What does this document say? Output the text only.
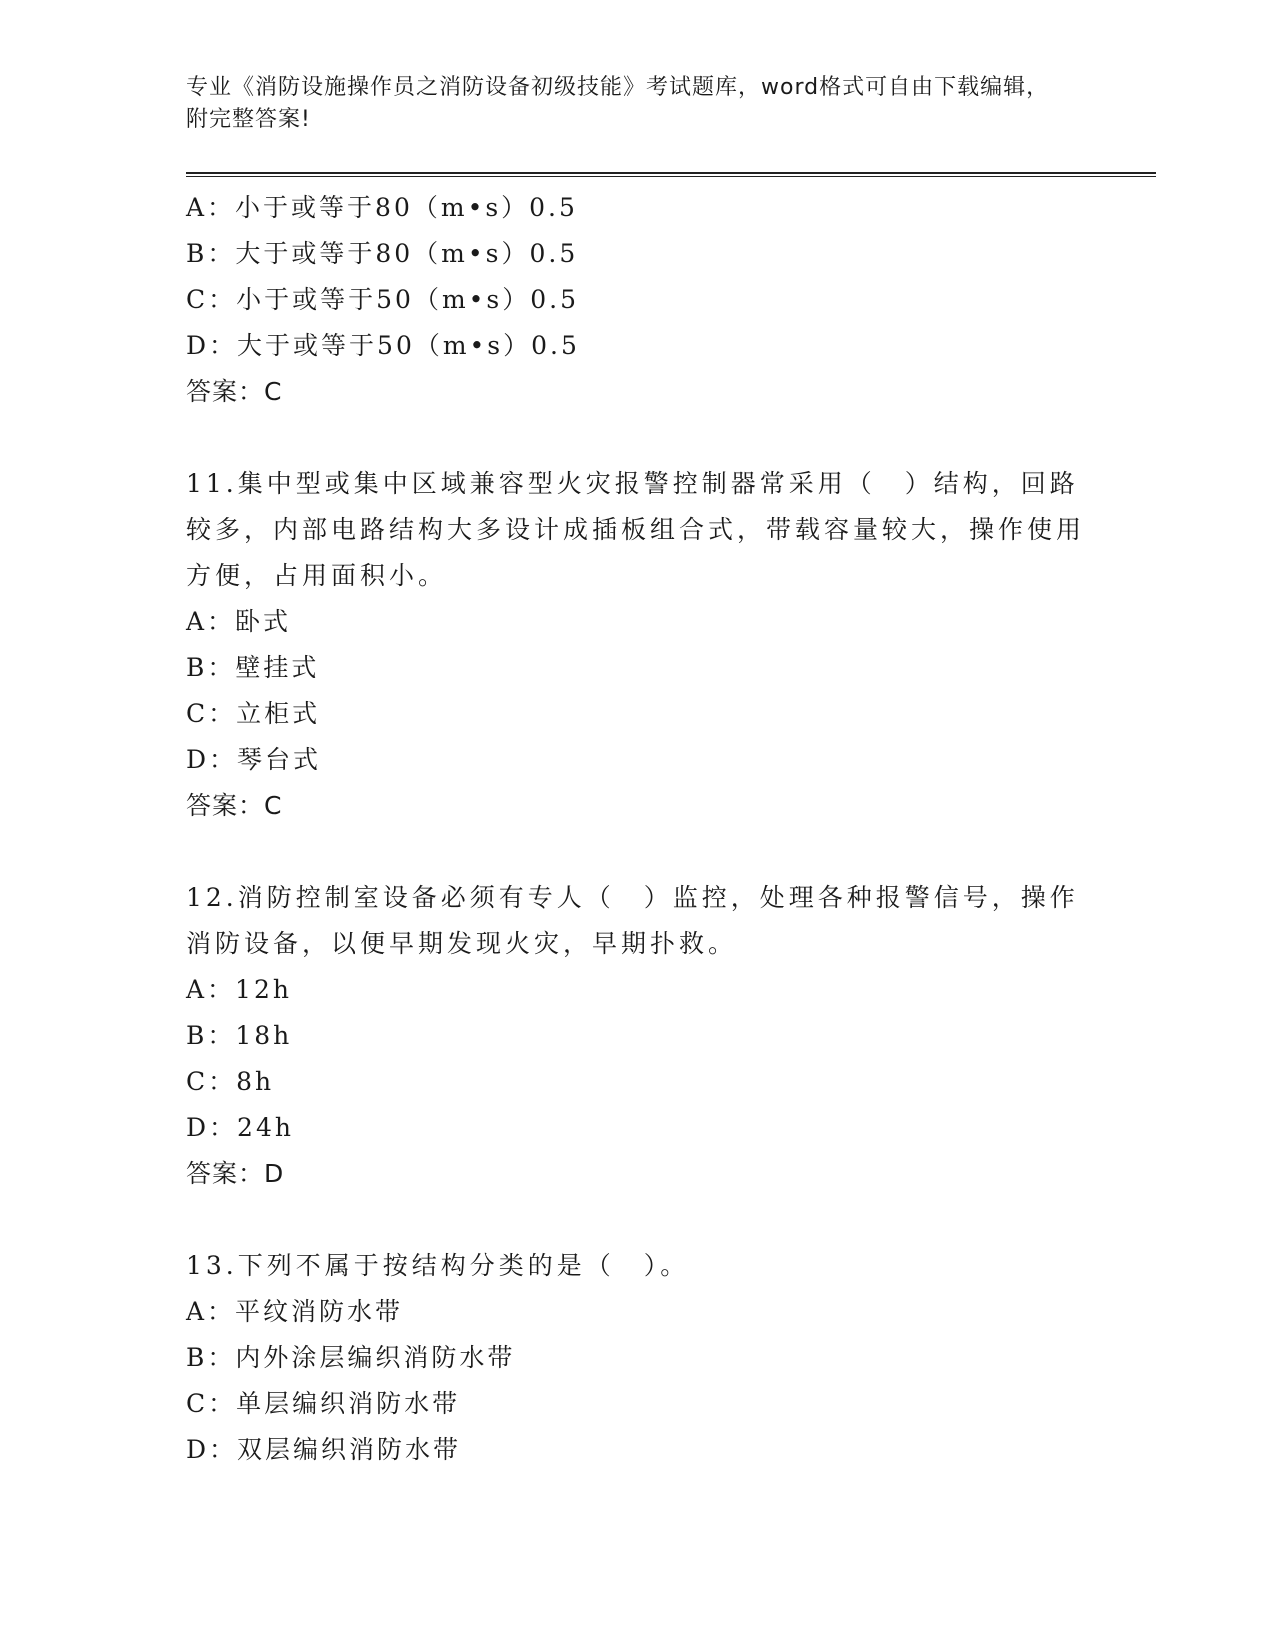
专业《消防设施操作员之消防设备初级技能》考试题库，word格式可自由下载编辑，附完整答案!

A：小于或等于80（m•s）0.5
B：大于或等于80（m•s）0.5
C：小于或等于50（m•s）0.5
D：大于或等于50（m•s）0.5
答案：C
11.集中型或集中区域兼容型火灾报警控制器常采用（　）结构，回路较多，内部电路结构大多设计成插板组合式，带载容量较大，操作使用方便，占用面积小。
A：卧式
B：壁挂式
C：立柜式
D：琴台式
答案：C
12.消防控制室设备必须有专人（　）监控，处理各种报警信号，操作消防设备，以便早期发现火灾，早期扑救。
A：12h
B：18h
C：8h
D：24h
答案：D
13.下列不属于按结构分类的是（　）。
A：平纹消防水带
B：内外涂层编织消防水带
C：单层编织消防水带
D：双层编织消防水带
